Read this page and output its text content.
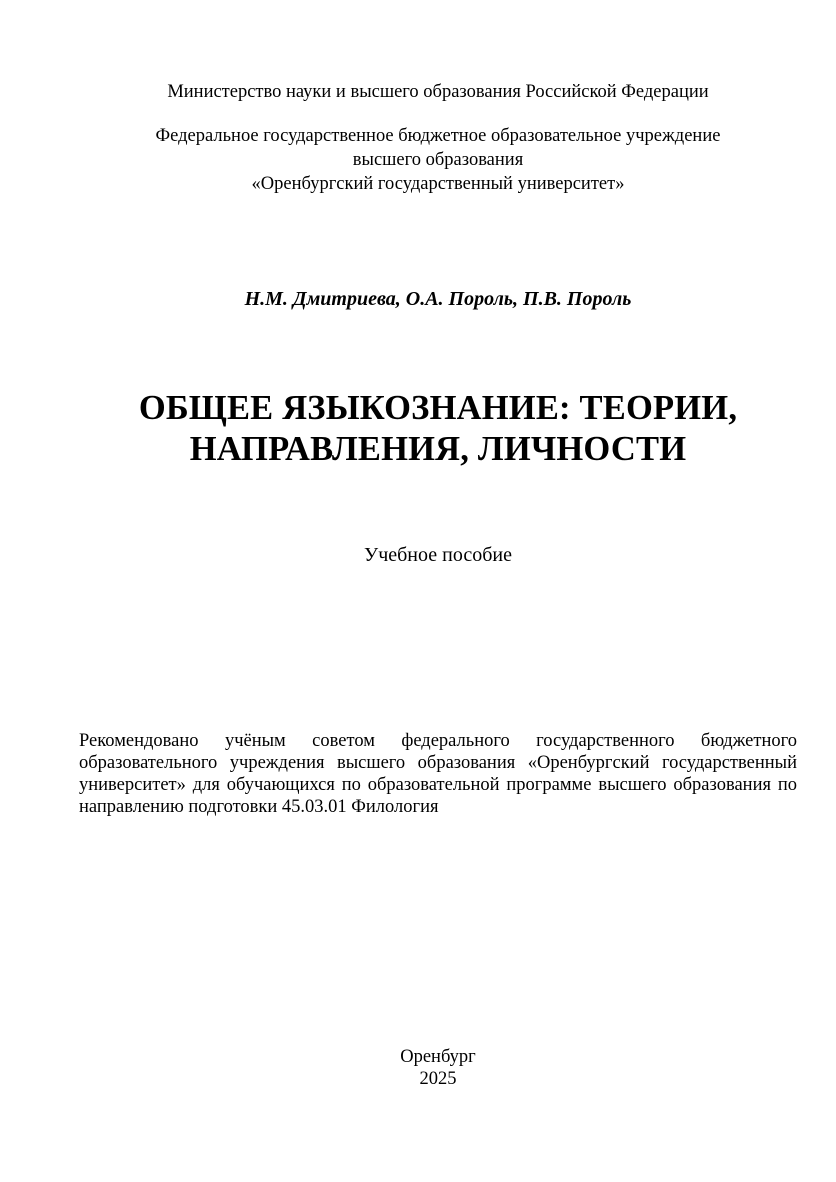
Министерство науки и высшего образования Российской Федерации
Федеральное государственное бюджетное образовательное учреждение
высшего образования
«Оренбургский государственный университет»
Н.М. Дмитриева, О.А. Пороль, П.В. Пороль
ОБЩЕЕ ЯЗЫКОЗНАНИЕ: ТЕОРИИ,
НАПРАВЛЕНИЯ, ЛИЧНОСТИ
Учебное пособие
Рекомендовано учёным советом федерального государственного бюджетного образовательного учреждения высшего образования «Оренбургский государственный университет» для обучающихся по образовательной программе высшего образования по направлению подготовки 45.03.01 Филология
Оренбург
2025
